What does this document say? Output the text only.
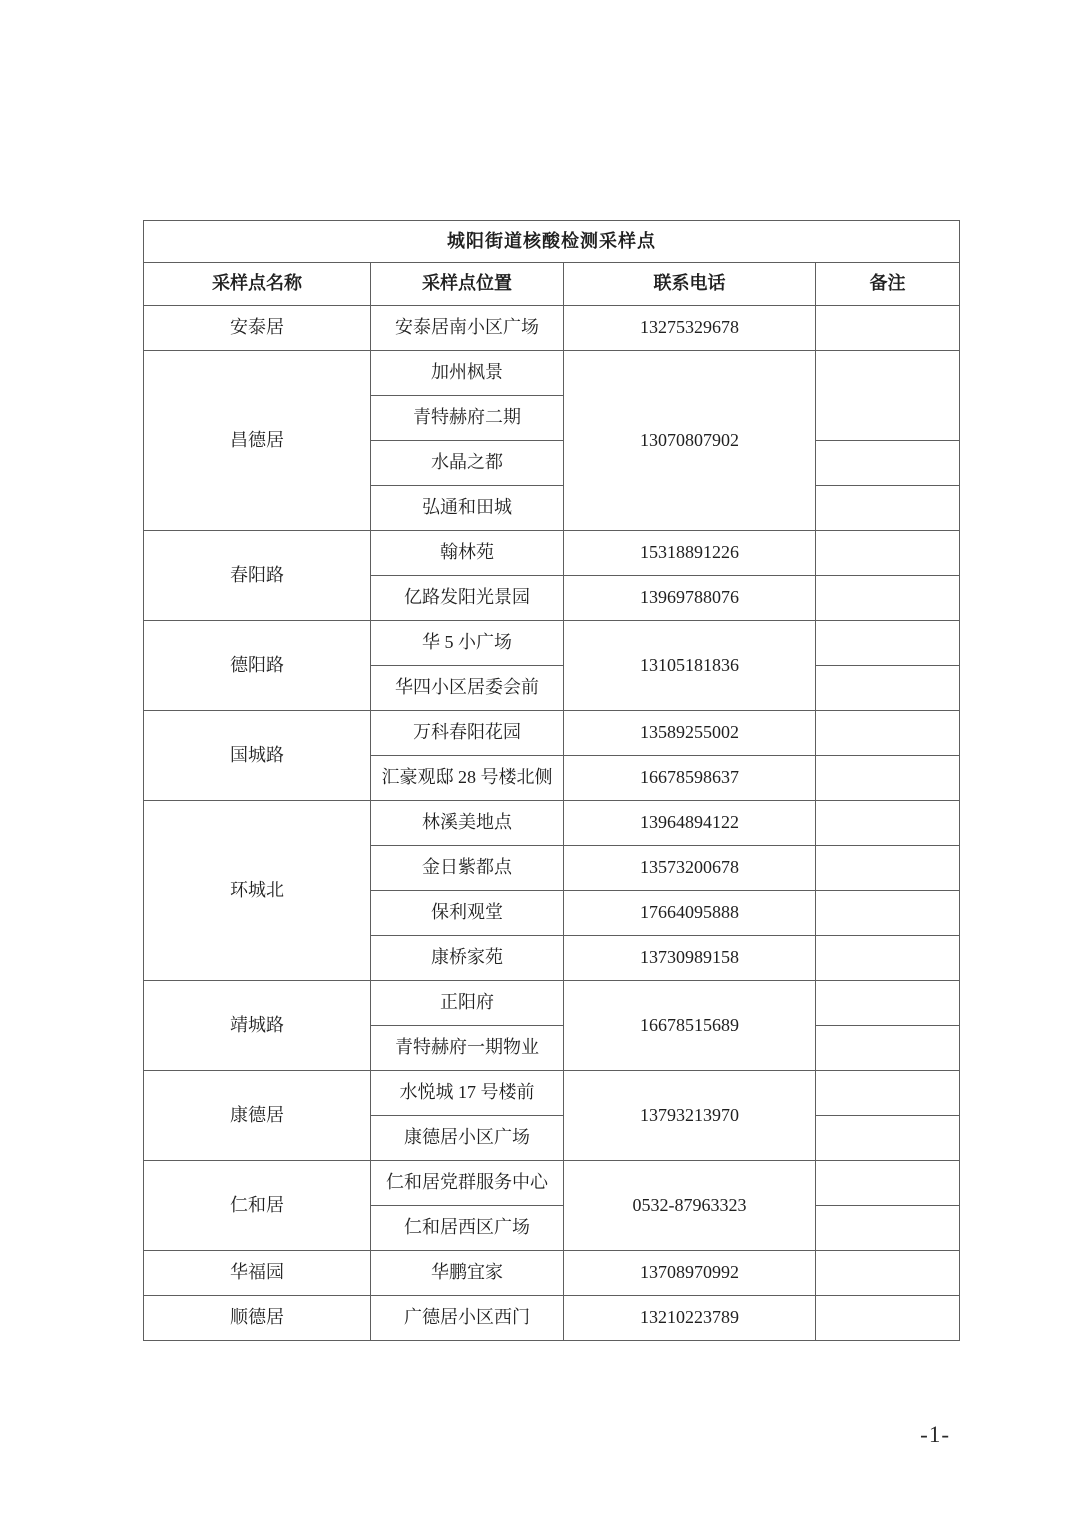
城阳街道核酸检测采样点			
采样点名称	采样点位置	联系电话	备注
安泰居	安泰居南小区广场	13275329678	
昌德居	加州枫景	13070807902	
	青特赫府二期		
	水晶之都		
	弘通和田城		
春阳路	翰林苑	15318891226	
	亿路发阳光景园	13969788076	
德阳路	华 5 小广场	13105181836	
	华四小区居委会前		
国城路	万科春阳花园	13589255002	
	汇豪观邸 28 号楼北侧	16678598637	
环城北	林溪美地点	13964894122	
	金日紫都点	13573200678	
	保利观堂	17664095888	
	康桥家苑	13730989158	
靖城路	正阳府	16678515689	
	青特赫府一期物业		
康德居	水悦城 17 号楼前	13793213970	
	康德居小区广场		
仁和居	仁和居党群服务中心	0532-87963323	
	仁和居西区广场		
华福园	华鹏宜家	13708970992	
顺德居	广德居小区西门	13210223789	
-1-
